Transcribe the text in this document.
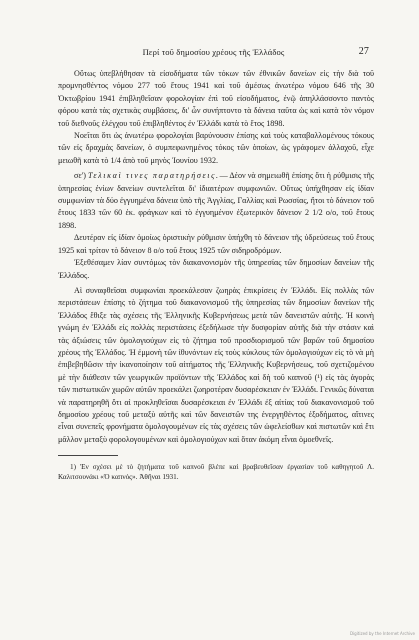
Περί τοῦ δημοσίου χρέους τῆς Ἑλλάδος	27

Οὕτως ὑπεβλήθησαν τὰ εἰσοδήματα τῶν τόκων τῶν ἐθνικῶν δανείων εἰς τὴν διὰ τοῦ προμνησθέντος νόμου 277 τοῦ ἔτους 1941 καὶ τοῦ ἀμέσως ἀνωτέρω νόμου 646 τῆς 30 Ὀκτωβρίου 1941 ἐπιβληθεῖσαν φορολογίαν ἐπὶ τοῦ εἰσοδήματος, ἐνῷ ἀπηλλάσσοντο παντὸς φόρου κατὰ τὰς σχετικὰς συμβάσεις, δι' ὧν συνήπτοντο τὰ δάνεια ταῦτα ὡς καὶ κατὰ τὸν νόμον τοῦ διεθνοῦς ἐλέγχου τοῦ ἐπιβληθέντος ἐν Ἑλλάδι κατὰ τὸ ἔτος 1898.

Νοεῖται ὅτι ὡς ἀνωτέρω φορολογίαι βαρύνουσιν ἐπίσης καὶ τοὺς καταβαλλομένους τόκους τῶν εἰς δραχμὰς δανείων, ὁ συμπεφωνημένος τόκος τῶν ὁποίων, ὡς γράφομεν ἀλλαχοῦ, εἶχε μειωθῆ κατὰ τὸ 1/4 ἀπὸ τοῦ μηνὸς Ἰουνίου 1932.

σε') Τελικαὶ τινες παρατηρήσεις.— Δέον νὰ σημειωθῆ ἐπίσης ὅτι ἡ ρύθμισις τῆς ὑπηρεσίας ἐνίων δανείων συντελεῖται δι' ἰδιαιτέρων συμφωνιῶν. Οὕτως ὑπήχθησαν εἰς ἰδίαν συμφωνίαν τὰ δύο ἐγγυημένα δάνεια ὑπὸ τῆς Ἀγγλίας, Γαλλίας καὶ Ρωσσίας, ἤτοι τὸ δάνειον τοῦ ἔτους 1833 τῶν 60 ἐκ. φράγκων καὶ τὸ ἐγγυημένον ἐξωτερικὸν δάνειον 2 1/2 ο/ο, τοῦ ἔτους 1898.

Δευτέραν εἰς ἰδίαν ὁμοίως ὁριστικὴν ρύθμισιν ὑπήχθη τὸ δάνειον τῆς ὑδρεύσεως τοῦ ἔτους 1925 καὶ τρίτον τὸ δάνειον 8 ο/ο τοῦ ἔτους 1925 τῶν σιδηροδρόμων.

Ἐξεθέσαμεν λίαν συντόμως τὸν διακανονισμὸν τῆς ὑπηρεσίας τῶν δημοσίων δανείων τῆς Ἑλλάδος.

Αἱ συναφθεῖσαι συμφωνίαι προεκάλεσαν ζωηρὰς ἐπικρίσεις ἐν Ἑλλάδι. Εἰς πολλὰς τῶν περιστάσεων ἐπίσης τὸ ζήτημα τοῦ διακανονισμοῦ τῆς ὑπηρεσίας τῶν δημοσίων δανείων τῆς Ἑλλάδος ἔθιξε τὰς σχέσεις τῆς Ἑλληνικῆς Κυβερνήσεως μετὰ τῶν δανειστῶν αὐτῆς. Ἡ κοινὴ γνώμη ἐν Ἑλλάδι εἰς πολλὰς περιστάσεις ἐξεδήλωσε τὴν δυσφορίαν αὐτῆς διὰ τὴν στάσιν καὶ τὰς ἀξιώσεις τῶν ὁμολογιούχων εἰς τὸ ζήτημα τοῦ προσδιορισμοῦ τῶν βαρῶν τοῦ δημοσίου χρέους τῆς Ἑλλάδος. Ἡ ἐμμονὴ τῶν ἰθυνόντων εἰς τοὺς κύκλους τῶν ὁμολογιούχων εἰς τὸ νὰ μὴ ἐπιβεβηθῶσιν τὴν ἱκανοποίησιν τοῦ αἰτήματος τῆς Ἑλληνικῆς Κυβερνήσεως, τοῦ σχετιζομένου μὲ τὴν διάθεσιν τῶν γεωργικῶν προϊόντων τῆς Ἑλλάδος καὶ δὴ τοῦ καπνοῦ (¹) εἰς τὰς ἀγορὰς τῶν πιστωτικῶν χωρῶν αὐτῶν προεκάλει ζωηροτέραν δυσαρέσκειαν ἐν Ἑλλάδι. Γενικῶς δύναται νὰ παρατηρηθῆ ὅτι αἱ προκληθεῖσαι δυσαρέσκειαι ἐν Ἑλλάδι ἐξ αἰτίας τοῦ διακανονισμοῦ τοῦ δημοσίου χρέους τοῦ μεταξὺ αὐτῆς καὶ τῶν δανειστῶν της ἐνεργηθέντος ἐξοδήματος, αἵτινες εἶναι συνεπεῖς φρονήματα ὁμολογουμένων εἰς τὰς σχέσεις τῶν ὠφελείσθων καὶ πιστωτῶν καὶ ἔτι μᾶλλον μεταξὺ φορολογουμένων καὶ ὁμολογιούχων καὶ ὅταν ἀκόμη εἶναι ὁμοεθνεῖς.

1) Ἐν σχέσει μὲ τὸ ζητήματα τοῦ καπνοῦ βλέπε καὶ βραβευθεῖσαν ἐργασίαν τοῦ καθηγητοῦ Λ. Καλιτσουνάκι «Ὁ καπνός». Ἀθῆναι 1931.

Digitized by the Internet Archive
